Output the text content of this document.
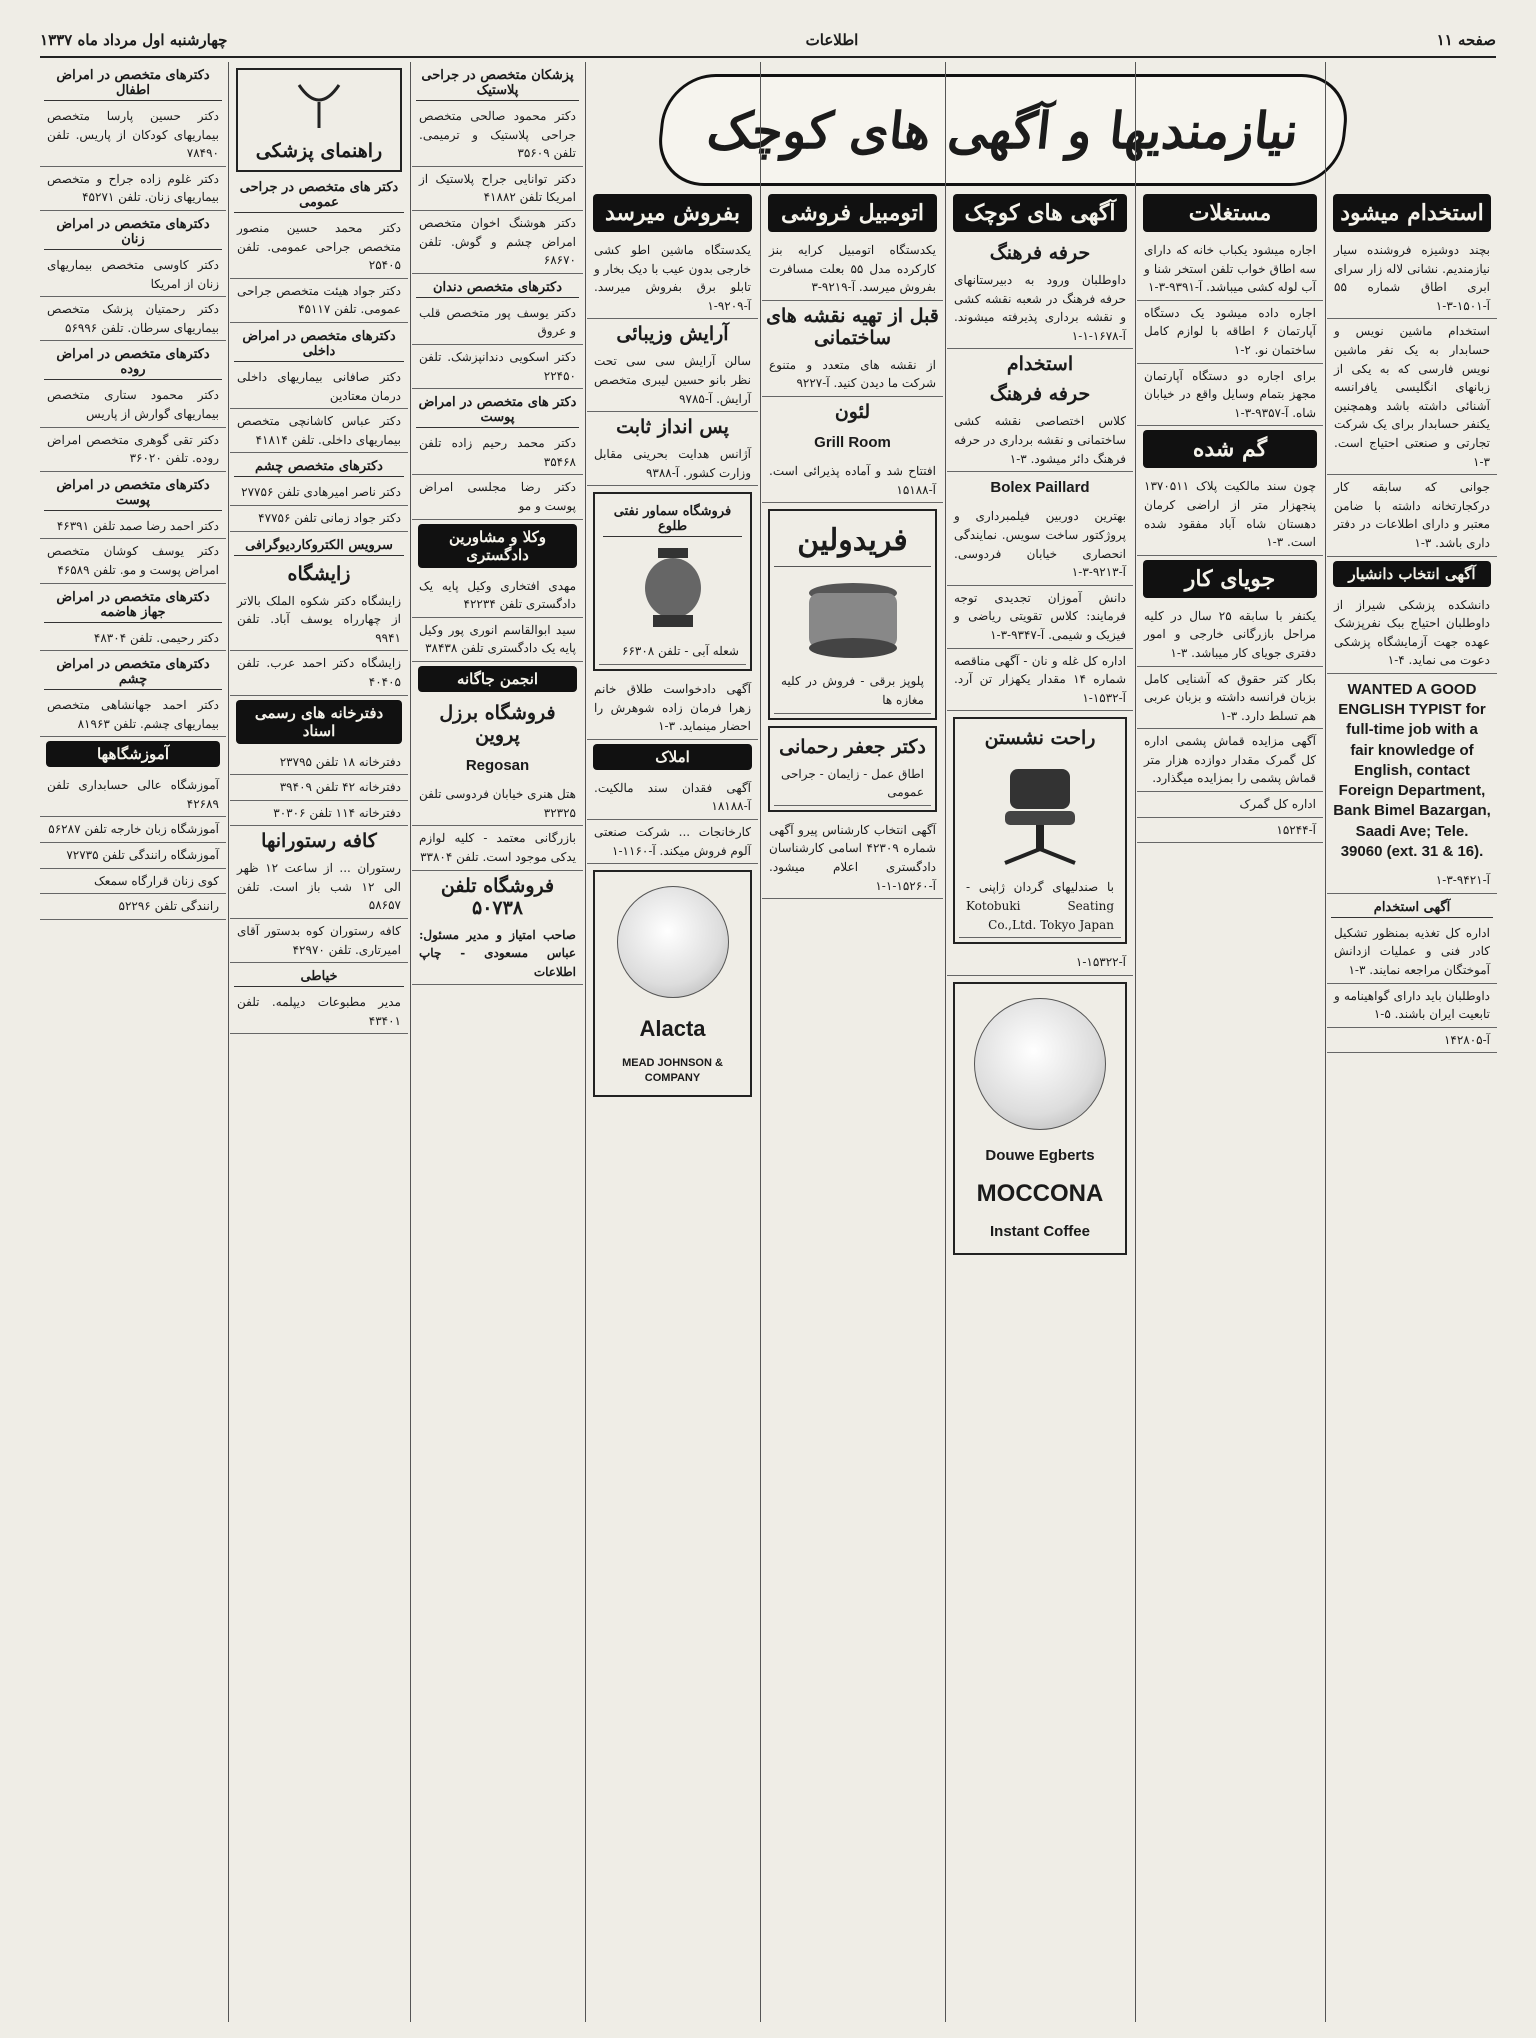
صفحه ۱۱
اطلاعات
چهارشنبه اول مرداد ماه ۱۳۳۷
نیازمندیها و آگهی های کوچک
استخدام میشود
بچند دوشیزه فروشنده سیار نیازمندیم. نشانی لاله زار سرای ابری اطاق شماره ۵۵ آ-۱۵۰۱-۳-۱
استخدام ماشین نویس و حسابدار به یک نفر ماشین نویس فارسی که به یکی از زبانهای انگلیسی یافرانسه آشنائی داشته باشد وهمچنین یکنفر حسابدار برای یک شرکت تجارتی و صنعتی احتیاج است. ۳-۱
جوانی که سابقه کار درکجارتخانه داشته با ضامن معتبر و دارای اطلاعات در دفتر داری باشد. ۳-۱
آگهی انتخاب دانشیار
دانشکده پزشکی شیراز از داوطلبان احتیاج ببک نفرپزشک عهده جهت آزمایشگاه پزشکی دعوت می نماید. ۴-۱
WANTED A GOOD ENGLISH TYPIST for full-time job with a fair knowledge of English, contact Foreign Department, Bank Bimel Bazargan, Saadi Ave; Tele. 39060 (ext. 31 & 16).
آ-۹۴۲۱-۳-۱
آگهی استخدام
اداره کل تغذیه بمنظور تشکیل کادر فنی و عملیات ازدانش آموختگان مراجعه نمایند. ۳-۱
داوطلبان باید دارای گواهینامه و تابعیت ایران باشند. ۵-۱
آ-۱۴۲۸۰۵
مستغلات
اجاره میشود یکباب خانه که دارای سه اطاق خواب تلفن استخر شنا و آب لوله کشی میباشد. آ-۹۳۹۱-۳-۱
اجاره داده میشود یک دستگاه آپارتمان ۶ اطاقه با لوازم کامل ساختمان نو. ۲-۱
برای اجاره دو دستگاه آپارتمان مجهز بتمام وسایل واقع در خیابان شاه. آ-۹۳۵۷-۳-۱
گم شده
چون سند مالکیت پلاک ۱۳۷۰۵۱۱ پنجهزار متر از اراضی کرمان دهستان شاه آباد مفقود شده است. ۳-۱
جویای کار
یکنفر با سابقه ۲۵ سال در کلیه مراحل بازرگانی خارجی و امور دفتری جویای کار میباشد. ۳-۱
بکار کتر حقوق که آشنایی کامل بزبان فرانسه داشته و بزبان عربی هم تسلط دارد. ۳-۱
آگهی مزایده قماش پشمی اداره کل گمرک مقدار دوازده هزار متر قماش پشمی را بمزایده میگذارد.
اداره کل گمرک
آ-۱۵۲۴۴
آگهی های کوچک
حرفه فرهنگ
داوطلبان ورود به دبیرستانهای حرفه فرهنگ در شعبه نقشه کشی و نقشه برداری پذیرفته میشوند. آ-۱۶۷۸-۱-۱
استخدام
حرفه فرهنگ
کلاس اختصاصی نقشه کشی ساختمانی و نقشه برداری در حرفه فرهنگ دائر میشود. ۳-۱
Bolex Paillard
بهترین دوربین فیلمبرداری و پروژکتور ساخت سویس. نمایندگی انحصاری خیابان فردوسی. آ-۹۲۱۳-۳-۱
دانش آموزان تجدیدی توجه فرمایند: کلاس تقویتی ریاضی و فیزیک و شیمی. آ-۹۳۴۷-۳-۱
اداره کل غله و نان - آگهی مناقصه شماره ۱۴ مقدار یکهزار تن آرد. آ-۱۵۳۲-۱
راحت نشستن
با صندلیهای گردان ژاپنی - Kotobuki Seating Co.,Ltd. Tokyo Japan
آ-۱۵۳۲۲-۱
Douwe Egberts
MOCCONA
Instant Coffee
اتومبیل فروشی
یکدستگاه اتومبیل کرایه بنز کارکرده مدل ۵۵ بعلت مسافرت بفروش میرسد. آ-۹۲۱۹-۳
قبل از تهیه نقشه های ساختمانی
از نقشه های متعدد و متنوع شرکت ما دیدن کنید. آ-۹۲۲۷
لئون
Grill Room
افتتاح شد و آماده پذیرائی است. آ-۱۵۱۸۸
فریدولین
پلوپز برقی - فروش در کلیه مغازه ها
دکتر جعفر رحمانی
اطاق عمل - زایمان - جراحی عمومی
آگهی انتخاب کارشناس پیرو آگهی شماره ۴۲۳۰۹ اسامی کارشناسان دادگستری اعلام میشود. آ-۱۵۲۶۰-۱-۱
بفروش میرسد
یکدستگاه ماشین اطو کشی خارجی بدون عیب با دیک بخار و تابلو برق بفروش میرسد. آ-۹۲۰۹-۱
آرایش وزیبائی
سالن آرایش سی سی تحت نظر بانو حسین لیبری متخصص آرایش. آ-۹۷۸۵
پس انداز ثابت
آژانس هدایت بحرینی مقابل وزارت کشور. آ-۹۳۸۸
فروشگاه سماور نفتی طلوع
شعله آبی - تلفن ۶۶۳۰۸
آگهی دادخواست طلاق خانم زهرا فرمان زاده شوهرش را احضار مینماید. ۳-۱
املاک
آگهی فقدان سند مالکیت. آ-۱۸۱۸۸
کارخانجات ... شرکت صنعتی آلوم فروش میکند. آ-۱۱۶۰-۱
Alacta
MEAD JOHNSON & COMPANY
پزشکان متخصص در جراحی پلاستیک
دکتر محمود صالحی متخصص جراحی پلاستیک و ترمیمی. تلفن ۳۵۶۰۹
دکتر توانایی جراح پلاستیک از امریکا تلفن ۴۱۸۸۲
دکتر هوشنگ اخوان متخصص امراض چشم و گوش. تلفن ۶۸۶۷۰
دکترهای متخصص دندان
دکتر یوسف پور متخصص قلب و عروق
دکتر اسکویی دندانپزشک. تلفن ۲۲۴۵۰
دکتر های متخصص در امراض پوست
دکتر محمد رحیم زاده تلفن ۳۵۴۶۸
دکتر رضا مجلسی امراض پوست و مو
وکلا و مشاورین دادگستری
مهدی افتخاری وکیل پایه یک دادگستری تلفن ۴۲۲۳۴
سید ابوالقاسم انوری پور وکیل پایه یک دادگستری تلفن ۳۸۴۳۸
انجمن جاگانه
فروشگاه برزل پروین
Regosan
هتل هنری خیابان فردوسی تلفن ۳۲۳۲۵
بازرگانی معتمد - کلیه لوازم یدکی موجود است. تلفن ۳۳۸۰۴
فروشگاه تلفن ۵۰۷۳۸
صاحب امتیاز و مدیر مسئول: عباس مسعودی - چاپ اطلاعات
راهنمای پزشکی
دکتر های متخصص در جراحی عمومی
دکتر محمد حسین منصور متخصص جراحی عمومی. تلفن ۲۵۴۰۵
دکتر جواد هیئت متخصص جراحی عمومی. تلفن ۴۵۱۱۷
دکترهای متخصص در امراض داخلی
دکتر صافانی بیماریهای داخلی درمان معتادین
دکتر عباس کاشانچی متخصص بیماریهای داخلی. تلفن ۴۱۸۱۴
دکترهای متخصص چشم
دکتر ناصر امیرهادی تلفن ۲۷۷۵۶
دکتر جواد زمانی تلفن ۴۷۷۵۶
سرویس الکتروکاردیوگرافی
زایشگاه
زایشگاه دکتر شکوه الملک بالاتر از چهارراه یوسف آباد. تلفن ۹۹۴۱
زایشگاه دکتر احمد عرب. تلفن ۴۰۴۰۵
دفترخانه های رسمی اسناد
دفترخانه ۱۸ تلفن ۲۳۷۹۵
دفترخانه ۴۲ تلفن ۳۹۴۰۹
دفترخانه ۱۱۴ تلفن ۳۰۳۰۶
کافه رستورانها
رستوران ... از ساعت ۱۲ ظهر الی ۱۲ شب باز است. تلفن ۵۸۶۵۷
کافه رستوران کوه بدستور آقای امیرتاری. تلفن ۴۲۹۷۰
خیاطی
مدیر مطبوعات دیپلمه. تلفن ۴۳۴۰۱
دکترهای متخصص در امراض اطفال
دکتر حسین پارسا متخصص بیماریهای کودکان از پاریس. تلفن ۷۸۴۹۰
دکتر غلوم زاده جراح و متخصص بیماریهای زنان. تلفن ۴۵۲۷۱
دکترهای متخصص در امراض زنان
دکتر کاوسی متخصص بیماریهای زنان از امریکا
دکتر رحمتیان پزشک متخصص بیماریهای سرطان. تلفن ۵۶۹۹۶
دکترهای متخصص در امراض روده
دکتر محمود ستاری متخصص بیماریهای گوارش از پاریس
دکتر تقی گوهری متخصص امراض روده. تلفن ۳۶۰۲۰
دکترهای متخصص در امراض پوست
دکتر احمد رضا صمد تلفن ۴۶۳۹۱
دکتر یوسف کوشان متخصص امراض پوست و مو. تلفن ۴۶۵۸۹
دکترهای متخصص در امراض جهاز هاضمه
دکتر رحیمی. تلفن ۴۸۳۰۴
دکترهای متخصص در امراض چشم
دکتر احمد جهانشاهی متخصص بیماریهای چشم. تلفن ۸۱۹۶۳
آموزشگاهها
آموزشگاه عالی حسابداری تلفن ۴۲۶۸۹
آموزشگاه زبان خارجه تلفن ۵۶۲۸۷
آموزشگاه رانندگی تلفن ۷۲۷۳۵
کوی زنان قرارگاه سمعک
رانندگی تلفن ۵۲۲۹۶
